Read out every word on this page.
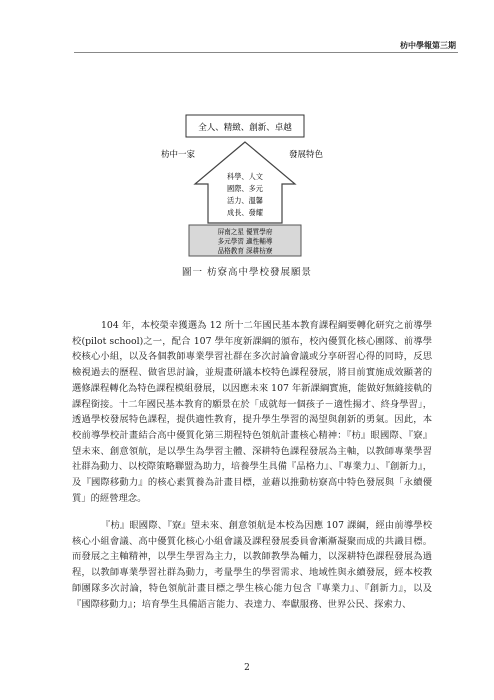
枋中學報第三期
全人、精緻、創新、卓越
枋中一家	發展特色
科學、人文
國際、多元
活力、溫馨
成長、發耀
屏南之星 優質學府
多元學習 適性輔導
品格教育 深耕枋寮
圖一 枋寮高中學校發展願景

104 年，本校榮幸獲選為 12 所十二年國民基本教育課程綱要轉化研究之前導學校(pilot school)之一，配合 107 學年度新課綱的頒布，校內優質化核心團隊、前導學校核心小組，以及各個教師專業學習社群在多次討論會議或分享研習心得的同時，反思檢視過去的歷程、做省思討論，並規畫研議本校特色課程發展，將目前實施成效顯著的選修課程轉化為特色課程模組發展，以因應未來 107 年新課綱實施，能做好無縫接軌的課程銜接。十二年國民基本教育的願景在於「成就每一個孩子－適性揚才、終身學習」，透過學校發展特色課程，提供適性教育，提升學生學習的渴望與創新的勇氣。因此，本校前導學校計畫結合高中優質化第三期程特色領航計畫核心精神：『枋』眼國際、『寮』望未來、創意領航，是以學生為學習主體、深耕特色課程發展為主軸，以教師專業學習社群為動力、以校際策略聯盟為助力，培養學生具備『品格力』、『專業力』、『創新力』，及『國際移動力』的核心素質養為計畫目標，並藉以推動枋寮高中特色發展與「永續優質」的經營理念。

『枋』眼國際、『寮』望未來、創意領航是本校為因應 107 課綱，經由前導學校核心小組會議、高中優質化核心小組會議及課程發展委員會漸漸凝聚而成的共識目標。而發展之主軸精神，以學生學習為主力，以教師教學為輔力，以深耕特色課程發展為過程，以教師專業學習社群為動力，考量學生的學習需求、地域性與永續發展，經本校教師團隊多次討論，特色領航計畫目標之學生核心能力包含『專業力』、『創新力』，以及『國際移動力』；培育學生具備語言能力、表達力、奉獻服務、世界公民、探索力、

2
